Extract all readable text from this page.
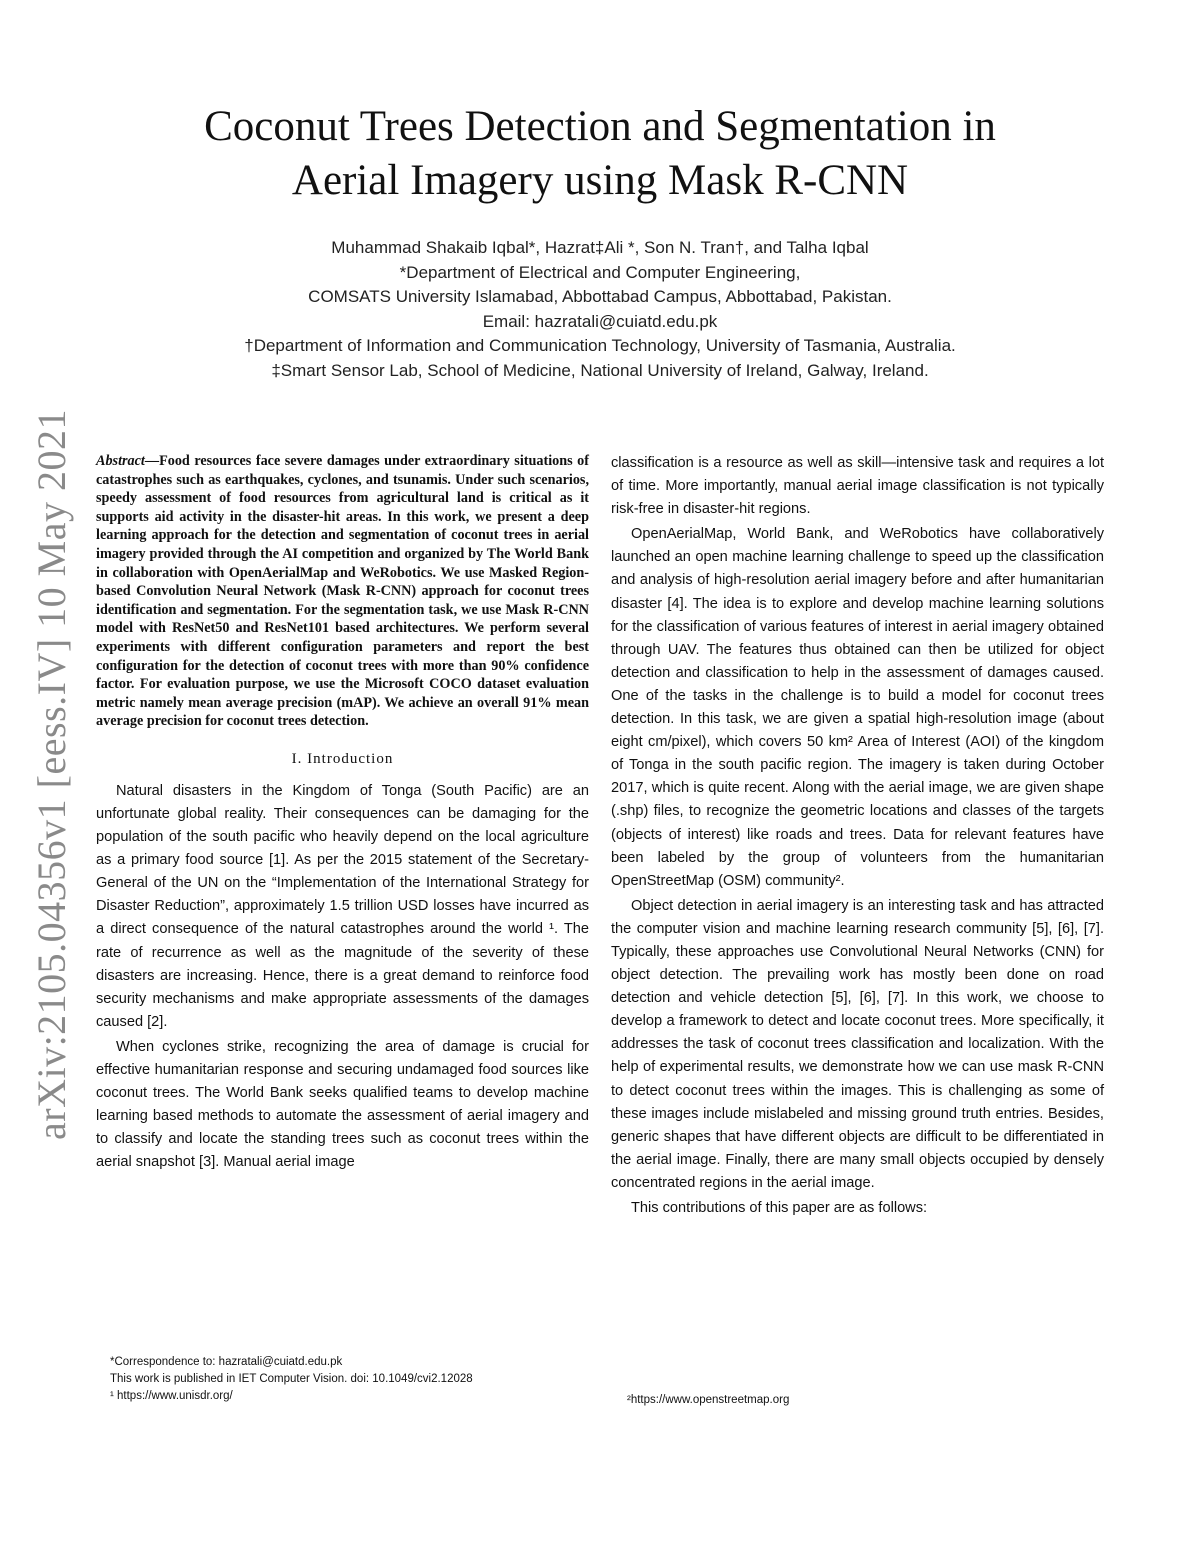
arXiv:2105.04356v1 [eess.IV] 10 May 2021
Coconut Trees Detection and Segmentation in
Aerial Imagery using Mask R-CNN
Muhammad Shakaib Iqbal*, Hazrat‡Ali *, Son N. Tran†, and Talha Iqbal
*Department of Electrical and Computer Engineering,
COMSATS University Islamabad, Abbottabad Campus, Abbottabad, Pakistan.
Email: hazratali@cuiatd.edu.pk
†Department of Information and Communication Technology, University of Tasmania, Australia.
‡Smart Sensor Lab, School of Medicine, National University of Ireland, Galway, Ireland.

Abstract—Food resources face severe damages under extraordinary situations of catastrophes such as earthquakes, cyclones, and tsunamis. Under such scenarios, speedy assessment of food resources from agricultural land is critical as it supports aid activity in the disaster-hit areas. In this work, we present a deep learning approach for the detection and segmentation of coconut trees in aerial imagery provided through the AI competition and organized by The World Bank in collaboration with OpenAerialMap and WeRobotics. We use Masked Region-based Convolution Neural Network (Mask R-CNN) approach for coconut trees identification and segmentation. For the segmentation task, we use Mask R-CNN model with ResNet50 and ResNet101 based architectures. We perform several experiments with different configuration parameters and report the best configuration for the detection of coconut trees with more than 90% confidence factor. For evaluation purpose, we use the Microsoft COCO dataset evaluation metric namely mean average precision (mAP). We achieve an overall 91% mean average precision for coconut trees detection.

I. Introduction

Natural disasters in the Kingdom of Tonga (South Pacific) are an unfortunate global reality. Their consequences can be damaging for the population of the south pacific who heavily depend on the local agriculture as a primary food source [1]. As per the 2015 statement of the Secretary-General of the UN on the “Implementation of the International Strategy for Disaster Reduction”, approximately 1.5 trillion USD losses have incurred as a direct consequence of the natural catastrophes around the world ¹. The rate of recurrence as well as the magnitude of the severity of these disasters are increasing. Hence, there is a great demand to reinforce food security mechanisms and make appropriate assessments of the damages caused [2].

When cyclones strike, recognizing the area of damage is crucial for effective humanitarian response and securing undamaged food sources like coconut trees. The World Bank seeks qualified teams to develop machine learning based methods to automate the assessment of aerial imagery and to classify and locate the standing trees such as coconut trees within the aerial snapshot [3]. Manual aerial image

classification is a resource as well as skill—intensive task and requires a lot of time. More importantly, manual aerial image classification is not typically risk-free in disaster-hit regions.

OpenAerialMap, World Bank, and WeRobotics have collaboratively launched an open machine learning challenge to speed up the classification and analysis of high-resolution aerial imagery before and after humanitarian disaster [4]. The idea is to explore and develop machine learning solutions for the classification of various features of interest in aerial imagery obtained through UAV. The features thus obtained can then be utilized for object detection and classification to help in the assessment of damages caused. One of the tasks in the challenge is to build a model for coconut trees detection. In this task, we are given a spatial high-resolution image (about eight cm/pixel), which covers 50 km² Area of Interest (AOI) of the kingdom of Tonga in the south pacific region. The imagery is taken during October 2017, which is quite recent. Along with the aerial image, we are given shape (.shp) files, to recognize the geometric locations and classes of the targets (objects of interest) like roads and trees. Data for relevant features have been labeled by the group of volunteers from the humanitarian OpenStreetMap (OSM) community².

Object detection in aerial imagery is an interesting task and has attracted the computer vision and machine learning research community [5], [6], [7]. Typically, these approaches use Convolutional Neural Networks (CNN) for object detection. The prevailing work has mostly been done on road detection and vehicle detection [5], [6], [7]. In this work, we choose to develop a framework to detect and locate coconut trees. More specifically, it addresses the task of coconut trees classification and localization. With the help of experimental results, we demonstrate how we can use mask R-CNN to detect coconut trees within the images. This is challenging as some of these images include mislabeled and missing ground truth entries. Besides, generic shapes that have different objects are difficult to be differentiated in the aerial image. Finally, there are many small objects occupied by densely concentrated regions in the aerial image.

This contributions of this paper are as follows:

*Correspondence to: hazratali@cuiatd.edu.pk
This work is published in IET Computer Vision. doi: 10.1049/cvi2.12028
¹ https://www.unisdr.org/	²https://www.openstreetmap.org
